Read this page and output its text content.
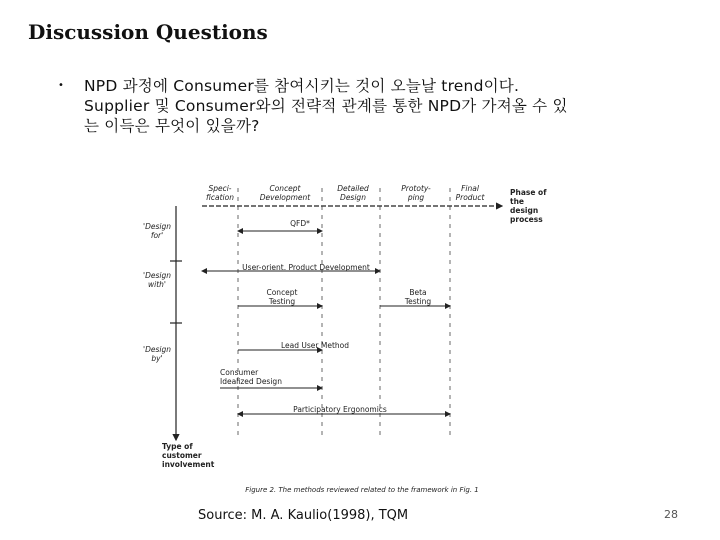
Discussion Questions
• NPD 과정에 Consumer를 참여시키는 것이 오늘날 trend이다.
Supplier 및 Consumer와의 전략적 관계를 통한 NPD가 가져올 수 있
는 이득은 무엇이 있을까?
Speci-
fication
Concept
Development
Detailed
Design
Prototy-
ping
Final
Product
Phase of
the
design
process
'Design
for'
'Design
with'
'Design
by'
Type of
customer
involvement
QFD*
User-orient. Product Development
Concept
Testing
Beta
Testing
Lead User Method
Consumer
Idealized Design
Participatory Ergonomics
Figure 2. The methods reviewed related to the framework in Fig. 1
Source: M. A. Kaulio(1998), TQM	28
